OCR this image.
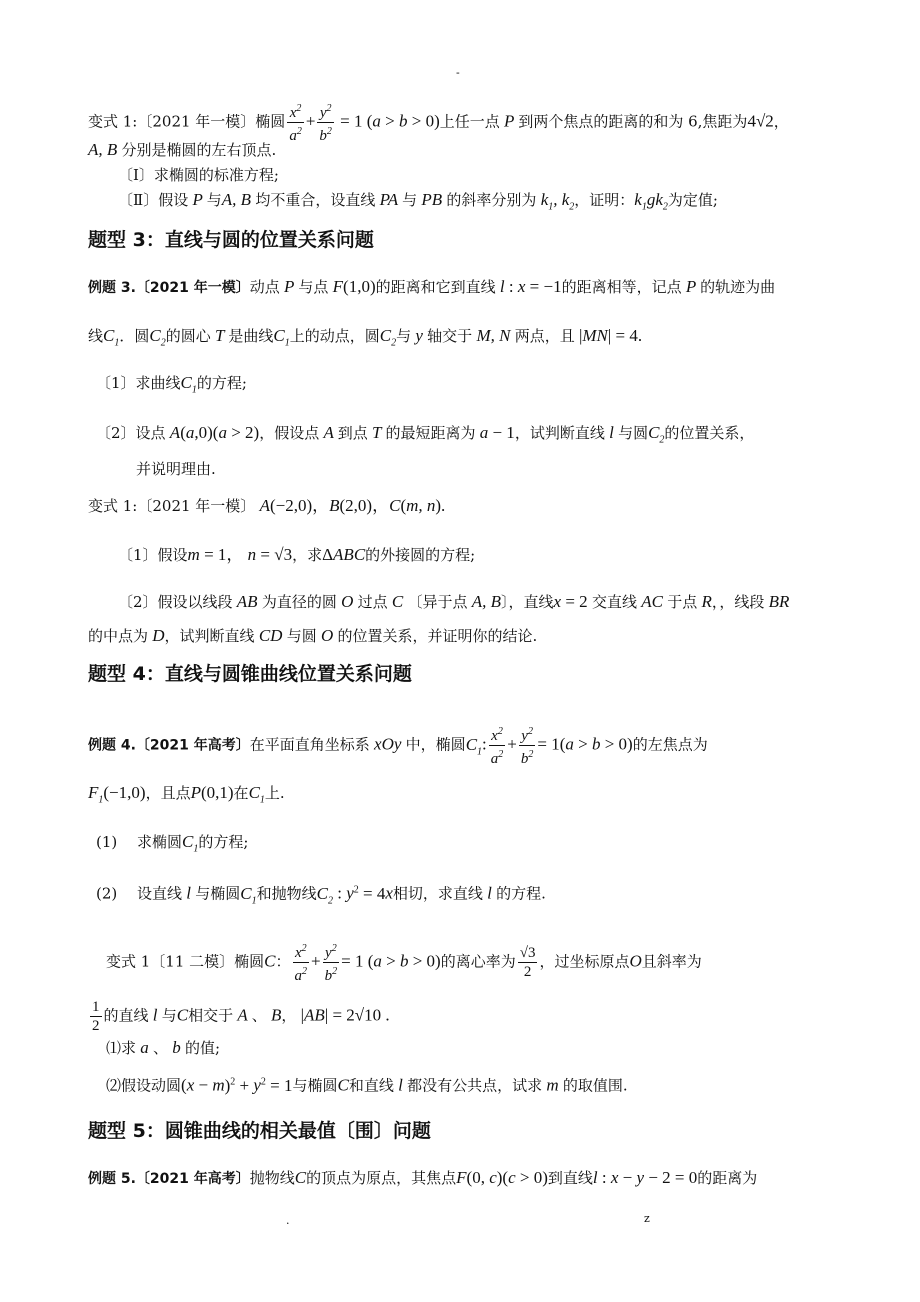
-
变式 1:〔2021 年一模〕椭圆 $\frac{x^2}{a^2} + \frac{y^2}{b^2} = 1$ (a > b > 0)上任一点 P 到两个焦点的距离的和为 6,焦距为4√2，
A, B 分别是椭圆的左右顶点.
〔Ⅰ〕求椭圆的标准方程;
〔Ⅱ〕假设 P 与A, B 均不重合，设直线 PA 与 PB 的斜率分别为 $k_1$, $k_2$，证明：$k_1gk_2$为定值;
题型 3：直线与圆的位置关系问题
例题 3.〔2021 年一模〕动点 P 与点 F(1,0)的距离和它到直线 l : x = −1的距离相等，记点 P 的轨迹为曲
线$C_1$．圆$C_2$的圆心 T 是曲线$C_1$上的动点，圆$C_2$与 y 轴交于 M, N 两点，且 |MN| = 4.
〔1〕求曲线$C_1$的方程;
〔2〕设点 A(a,0)(a > 2)，假设点 A 到点 T 的最短距离为 a − 1，试判断直线 l 与圆$C_2$的位置关系，
并说明理由.
变式 1:〔2021 年一模〕 A(−2,0)，B(2,0)，C(m, n).
〔1〕假设m = 1， n = √3，求ΔABC的外接圆的方程;
〔2〕假设以线段 AB 为直径的圆 O 过点 C 〔异于点 A, B〕，直线x = 2 交直线 AC 于点 R，，线段 BR
的中点为 D，试判断直线 CD 与圆 O 的位置关系，并证明你的结论.
题型 4：直线与圆锥曲线位置关系问题
例题 4.〔2021 年高考〕在平面直角坐标系 xOy 中，椭圆$C_1$: $\frac{x^2}{a^2} + \frac{y^2}{b^2} = 1(a > b > 0)$的左焦点为
$F_1(-1,0)$，且点P(0,1)在$C_1$上.
(1)　 求椭圆$C_1$的方程;
(2)　 设直线 l 与椭圆$C_1$和抛物线$C_2$ : $y^2 = 4x$相切，求直线 l 的方程.
变式 1〔11 二模〕椭圆C： $\frac{x^2}{a^2} + \frac{y^2}{b^2} = 1$ (a > b > 0)的离心率为 $\frac{√3}{2}$ ，过坐标原点O且斜率为
$\frac{1}{2}$ 的直线 l 与C相交于 A 、 B， |AB| = 2√10 .
⑴求 a 、 b 的值;
⑵假设动圆$(x - m)^2 + y^2 = 1$与椭圆C和直线 l 都没有公共点，试求 m 的取值围.
题型 5：圆锥曲线的相关最值〔围〕问题
例题 5.〔2021 年高考〕抛物线C的顶点为原点，其焦点F(0, c)(c > 0)到直线l : x − y − 2 = 0的距离为
.	z
